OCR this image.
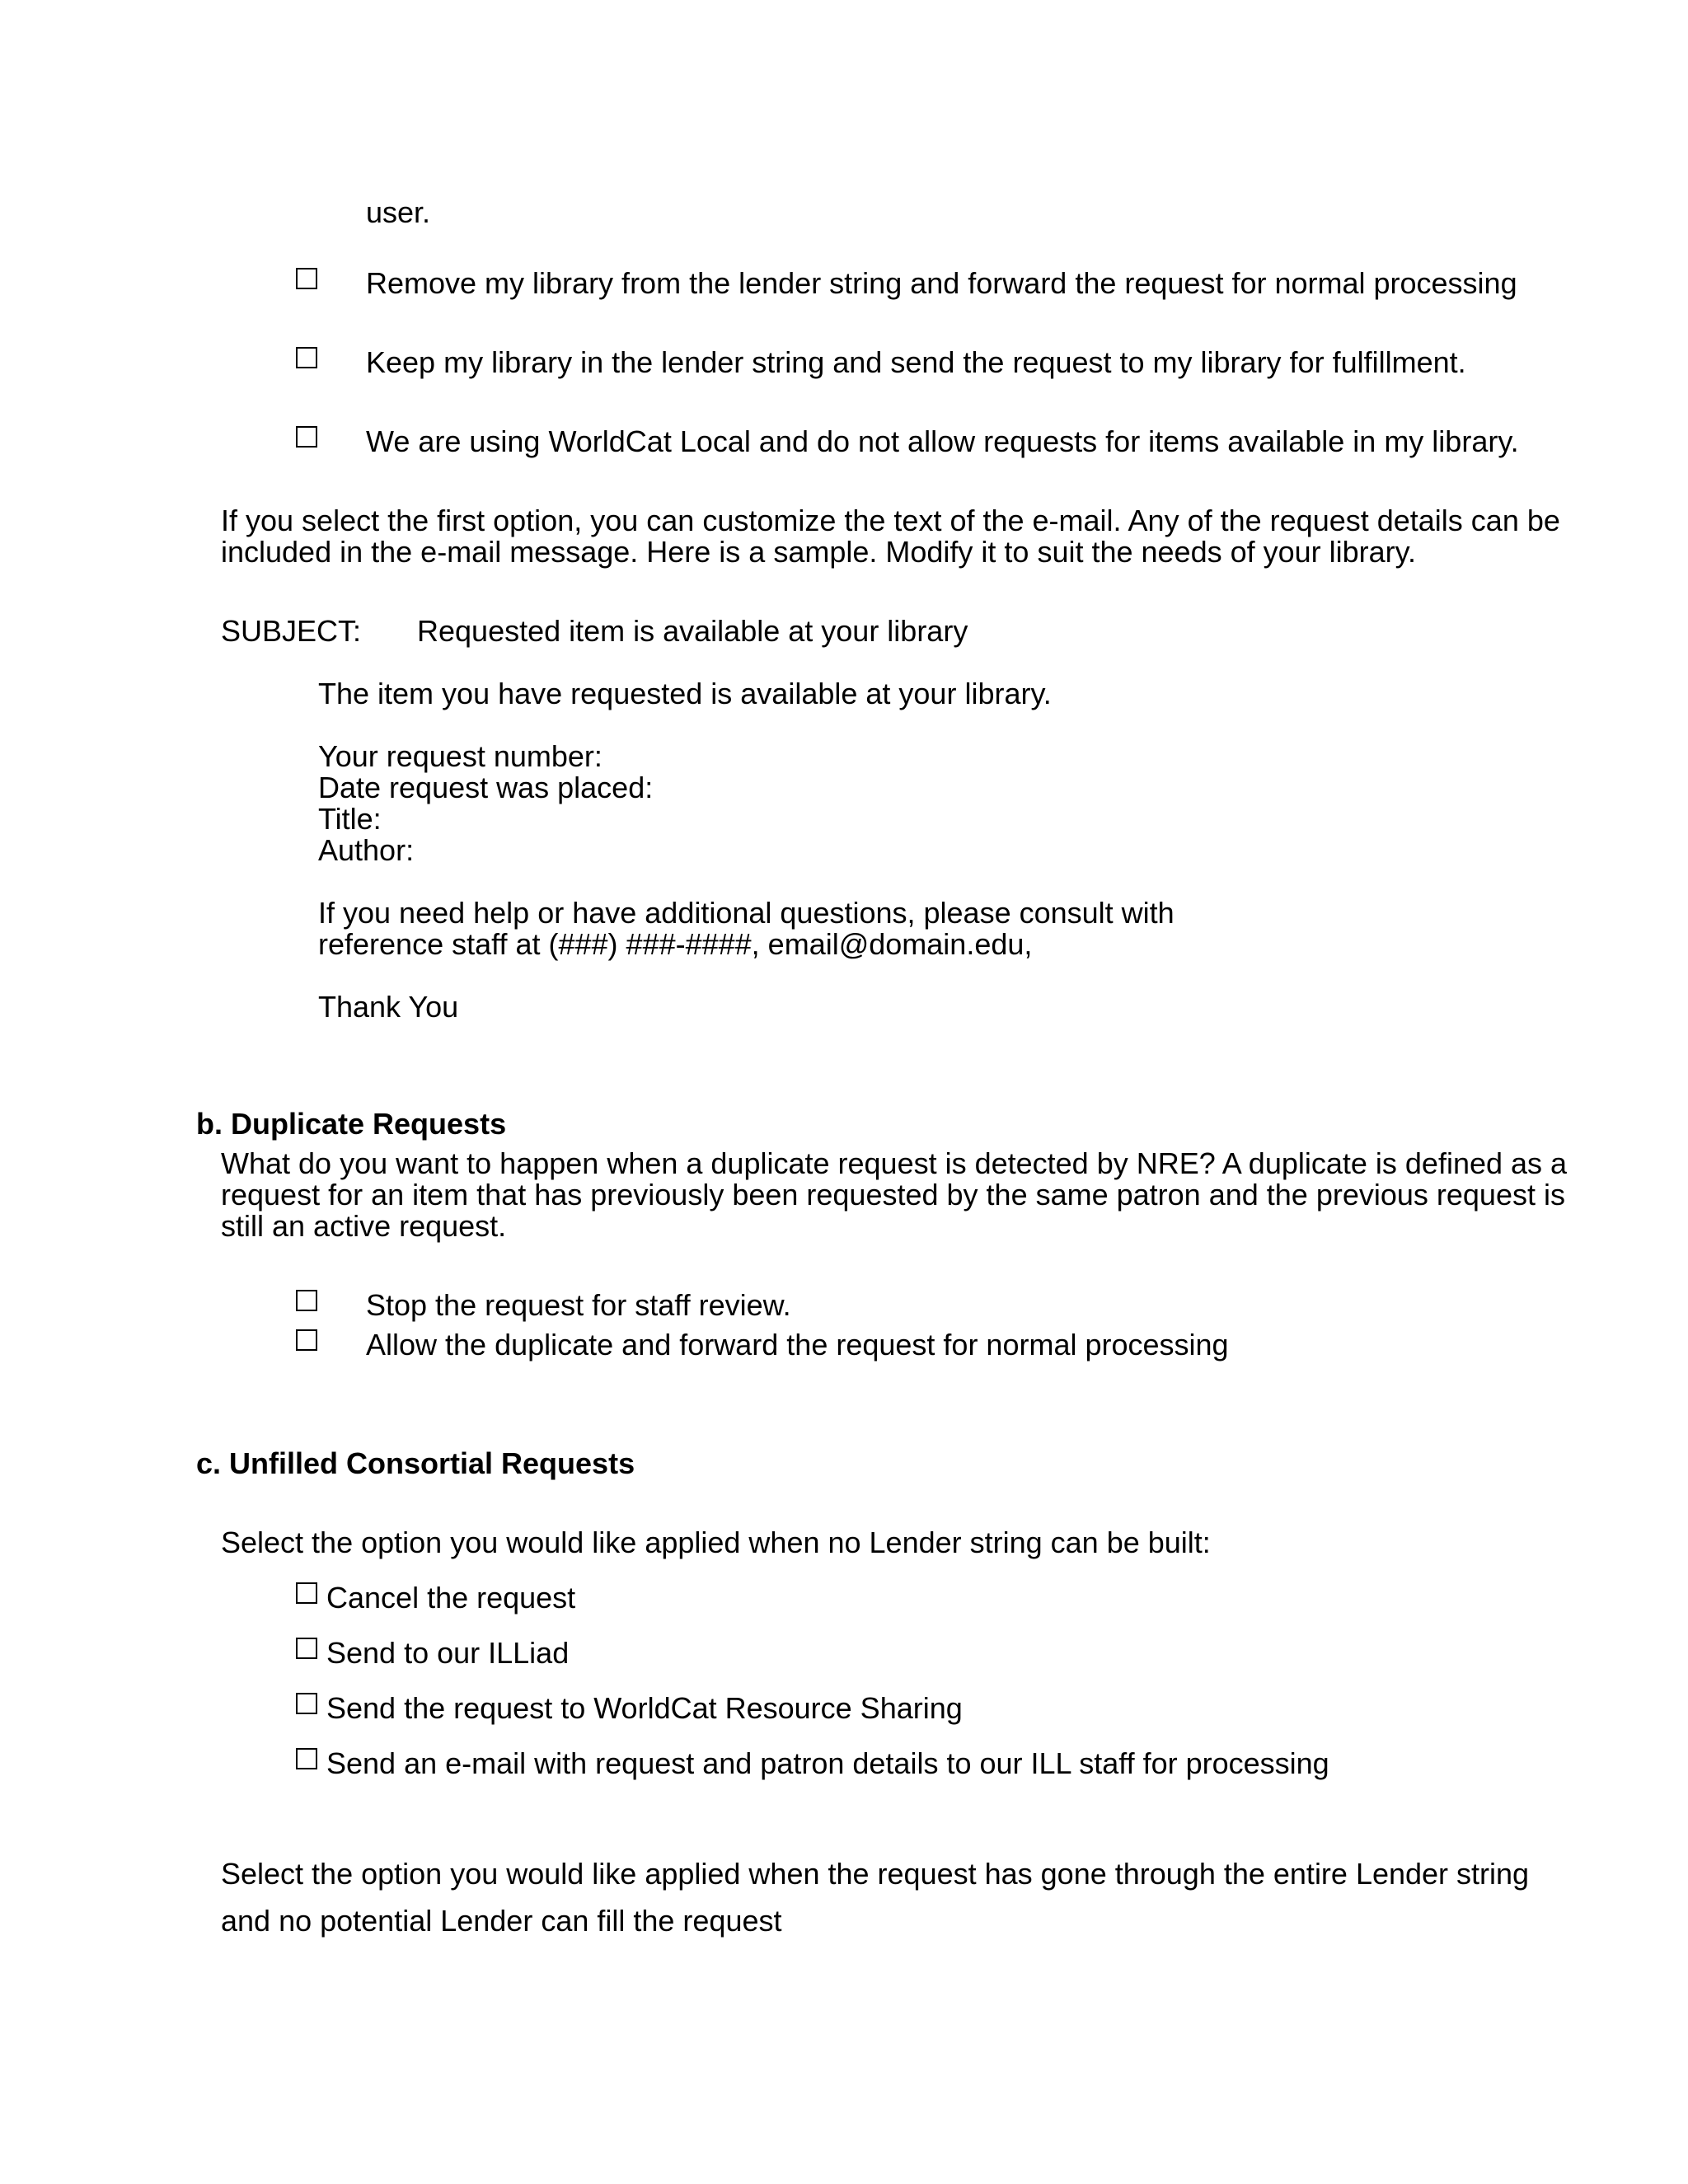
user.

Remove my library from the lender string and forward the request for normal processing

Keep my library in the lender string and send the request to my library for fulfillment.

We are using WorldCat Local and do not allow requests for items available in my library.

If you select the first option, you can customize the text of the e-mail. Any of the request details can be

included in the e-mail message. Here is a sample. Modify it to suit the needs of your library.

SUBJECT: Requested item is available at your library

The item you have requested is available at your library.

Your request number:

Date request was placed:

Title:

Author:

If you need help or have additional questions, please consult with

reference staff at (###) ###-####, email@domain.edu,

Thank You

b. Duplicate Requests

What do you want to happen when a duplicate request is detected by NRE? A duplicate is defined as a

request for an item that has previously been requested by the same patron and the previous request is

still an active request.

Stop the request for staff review.

Allow the duplicate and forward the request for normal processing

c. Unfilled Consortial Requests

Select the option you would like applied when no Lender string can be built:

Cancel the request

Send to our ILLiad

Send the request to WorldCat Resource Sharing

Send an e-mail with request and patron details to our ILL staff for processing

Select the option you would like applied when the request has gone through the entire Lender string

and no potential Lender can fill the request
